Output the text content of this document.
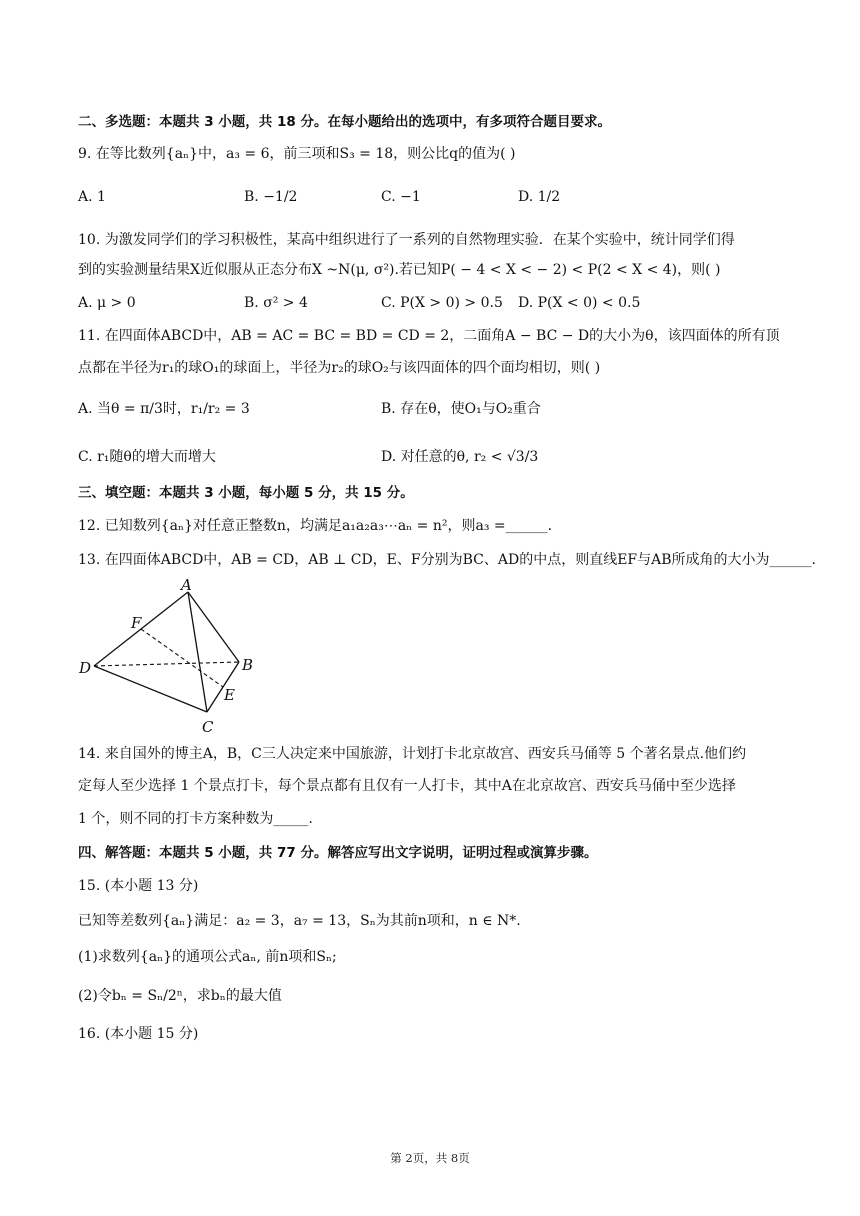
二、多选题：本题共 3 小题，共 18 分。在每小题给出的选项中，有多项符合题目要求。
9. 在等比数列{aₙ}中，a₃ = 6，前三项和S₃ = 18，则公比q的值为( )
A. 1	B. −1/2	C. −1	D. 1/2
10. 为激发同学们的学习积极性，某高中组织进行了一系列的自然物理实验．在某个实验中，统计同学们得
到的实验测量结果X近似服从正态分布X ~N(μ, σ²).若已知P( − 4 < X < − 2) < P(2 < X < 4)，则( )
A. μ > 0	B. σ² > 4	C. P(X > 0) > 0.5 D. P(X < 0) < 0.5
11. 在四面体ABCD中，AB = AC = BC = BD = CD = 2，二面角A − BC − D的大小为θ，该四面体的所有顶
点都在半径为r₁的球O₁的球面上，半径为r₂的球O₂与该四面体的四个面均相切，则( )
A. 当θ = π/3时，r₁/r₂ = 3	B. 存在θ，使O₁与O₂重合
C. r₁随θ的增大而增大	D. 对任意的θ, r₂ < √3/3
三、填空题：本题共 3 小题，每小题 5 分，共 15 分。
12. 已知数列{aₙ}对任意正整数n，均满足a₁a₂a₃⋯aₙ = n²，则a₃ =______.
13. 在四面体ABCD中，AB = CD，AB ⊥ CD，E、F分别为BC、AD的中点，则直线EF与AB所成角的大小为______.
A
F
D	B
E
C
14. 来自国外的博主A，B，C三人决定来中国旅游，计划打卡北京故宫、西安兵马俑等 5 个著名景点.他们约
定每人至少选择 1 个景点打卡，每个景点都有且仅有一人打卡，其中A在北京故宫、西安兵马俑中至少选择
1 个，则不同的打卡方案种数为_____.
四、解答题：本题共 5 小题，共 77 分。解答应写出文字说明，证明过程或演算步骤。
15. (本小题 13 分)
已知等差数列{aₙ}满足：a₂ = 3，a₇ = 13，Sₙ为其前n项和，n ∈ N*.
(1)求数列{aₙ}的通项公式aₙ, 前n项和Sₙ;
(2)令bₙ = Sₙ/2ⁿ，求bₙ的最大值
16. (本小题 15 分)
第 2页，共 8页
